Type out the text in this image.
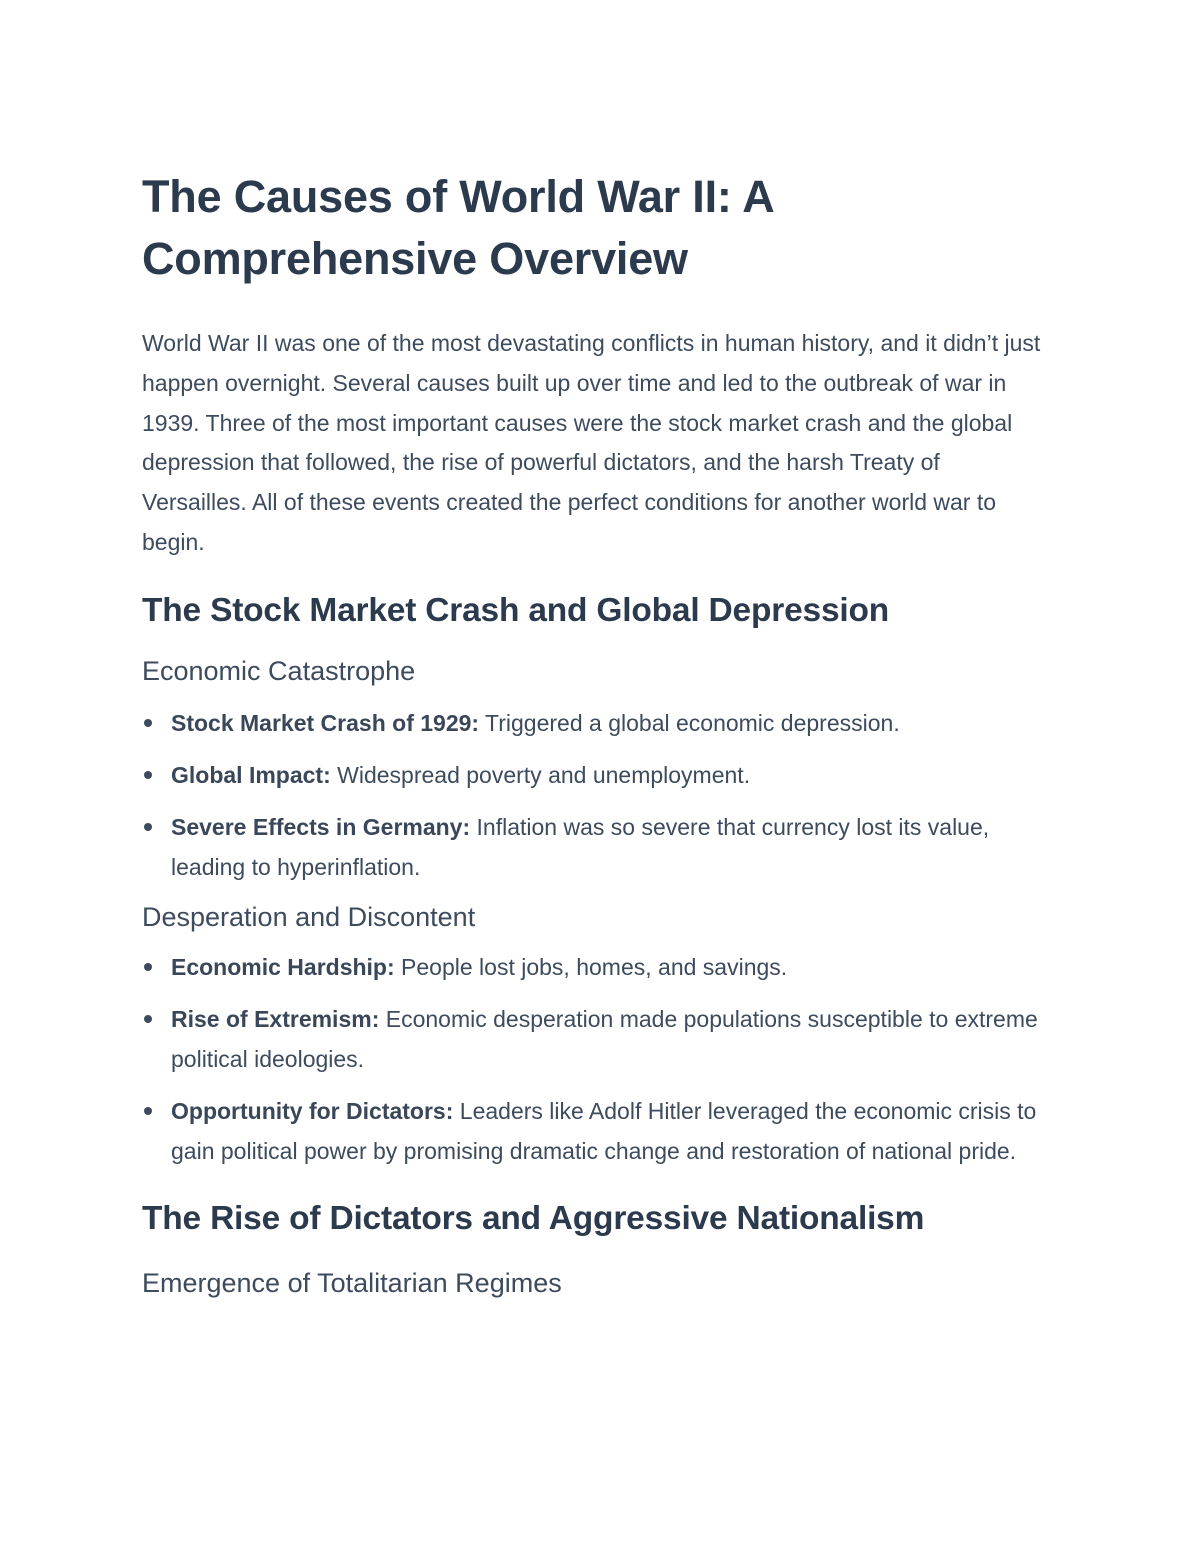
The Causes of World War II: A Comprehensive Overview

World War II was one of the most devastating conflicts in human history, and it didn’t just happen overnight. Several causes built up over time and led to the outbreak of war in 1939. Three of the most important causes were the stock market crash and the global depression that followed, the rise of powerful dictators, and the harsh Treaty of Versailles. All of these events created the perfect conditions for another world war to begin.

The Stock Market Crash and Global Depression
Economic Catastrophe
Stock Market Crash of 1929: Triggered a global economic depression.
Global Impact: Widespread poverty and unemployment.
Severe Effects in Germany: Inflation was so severe that currency lost its value, leading to hyperinflation.
Desperation and Discontent
Economic Hardship: People lost jobs, homes, and savings.
Rise of Extremism: Economic desperation made populations susceptible to extreme political ideologies.
Opportunity for Dictators: Leaders like Adolf Hitler leveraged the economic crisis to gain political power by promising dramatic change and restoration of national pride.
The Rise of Dictators and Aggressive Nationalism
Emergence of Totalitarian Regimes
